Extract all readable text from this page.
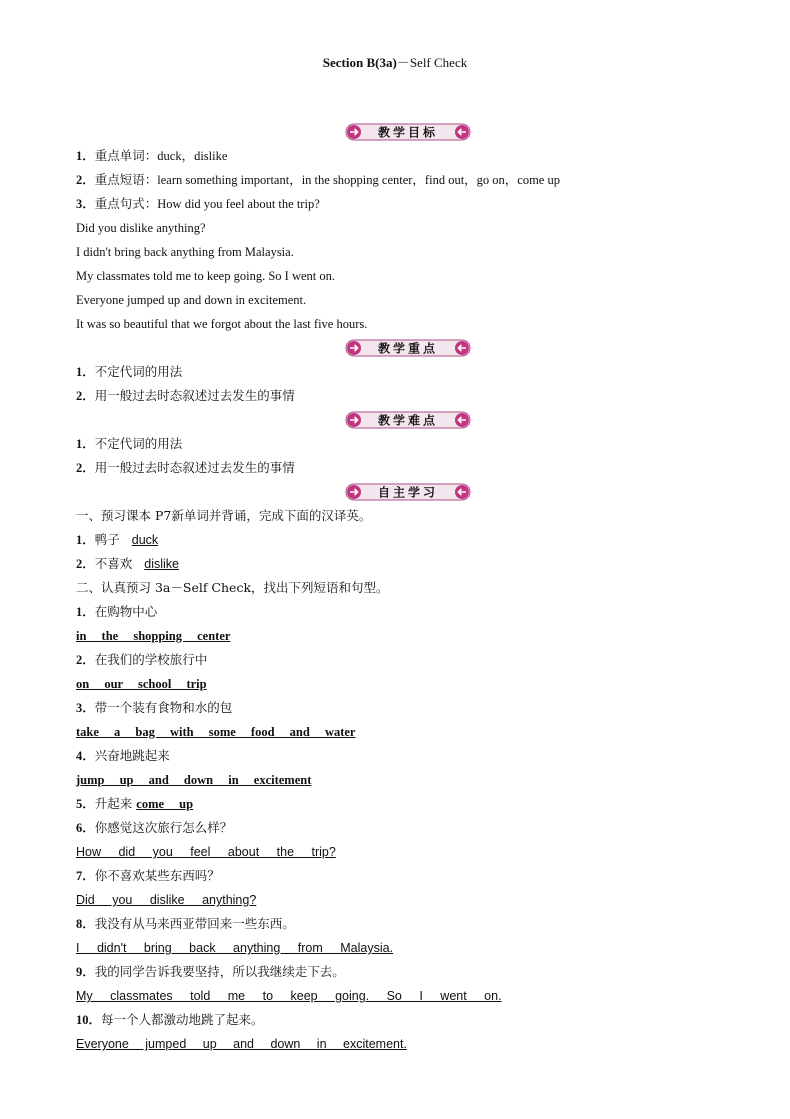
Section B(3a)－Self Check
教学目标
1．重点单词：duck，dislike
2．重点短语：learn something important，in the shopping center，find out，go on，come up
3．重点句式：How did you feel about the trip?
Did you dislike anything?
I didn't bring back anything from Malaysia.
My classmates told me to keep going. So I went on.
Everyone jumped up and down in excitement.
It was so beautiful that we forgot about the last five hours.
教学重点
1．不定代词的用法
2．用一般过去时态叙述过去发生的事情
教学难点
1．不定代词的用法
2．用一般过去时态叙述过去发生的事情
自主学习
一、预习课本 P7新单词并背诵，完成下面的汉译英。
1．鸭子 duck
2．不喜欢 dislike
二、认真预习 3a－Self Check，找出下列短语和句型。
1．在购物中心
in the shopping center
2．在我们的学校旅行中
on our school trip
3．带一个装有食物和水的包
take a bag with some food and water
4．兴奋地跳起来
jump up and down in excitement
5．升起来 come up
6．你感觉这次旅行怎么样？
How did you feel about the trip?
7．你不喜欢某些东西吗？
Did you dislike anything?
8．我没有从马来西亚带回来一些东西。
I didn't bring back anything from Malaysia.
9．我的同学告诉我要坚持，所以我继续走下去。
My classmates told me to keep going. So I went on.
10．每一个人都激动地跳了起来。
Everyone jumped up and down in excitement.
